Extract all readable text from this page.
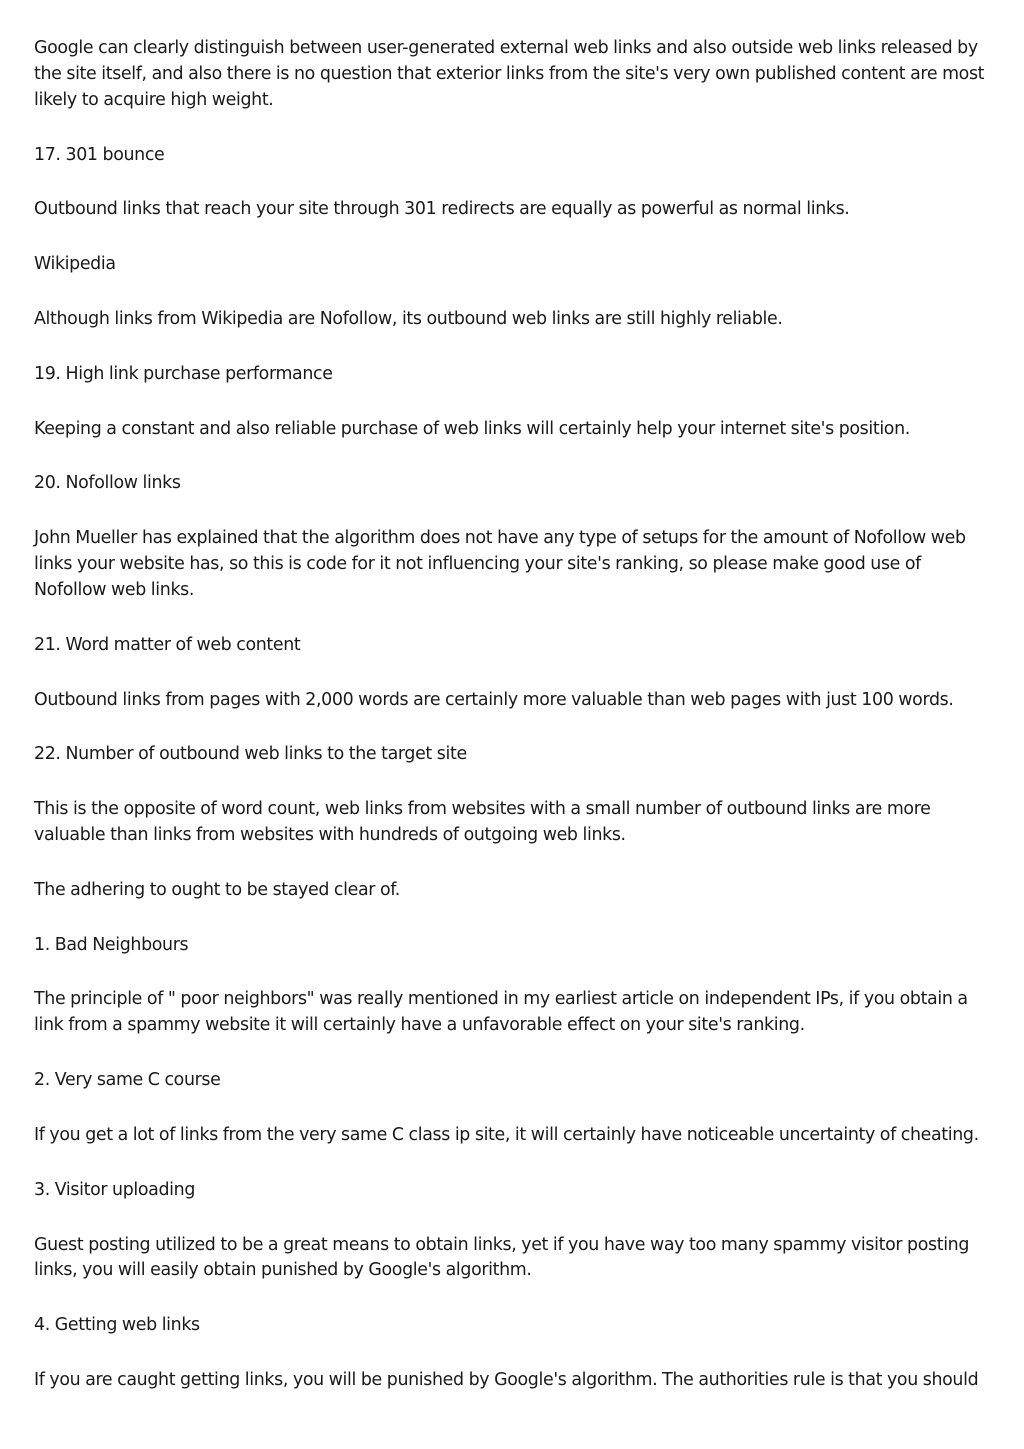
Google can clearly distinguish between user-generated external web links and also outside web links released by the site itself, and also there is no question that exterior links from the site's very own published content are most likely to acquire high weight.

17. 301 bounce

Outbound links that reach your site through 301 redirects are equally as powerful as normal links.

Wikipedia

Although links from Wikipedia are Nofollow, its outbound web links are still highly reliable.

19. High link purchase performance

Keeping a constant and also reliable purchase of web links will certainly help your internet site's position.

20. Nofollow links

John Mueller has explained that the algorithm does not have any type of setups for the amount of Nofollow web links your website has, so this is code for it not influencing your site's ranking, so please make good use of Nofollow web links.

21. Word matter of web content

Outbound links from pages with 2,000 words are certainly more valuable than web pages with just 100 words.

22. Number of outbound web links to the target site

This is the opposite of word count, web links from websites with a small number of outbound links are more valuable than links from websites with hundreds of outgoing web links.

The adhering to ought to be stayed clear of.

1. Bad Neighbours

The principle of " poor neighbors" was really mentioned in my earliest article on independent IPs, if you obtain a link from a spammy website it will certainly have a unfavorable effect on your site's ranking.

2. Very same C course

If you get a lot of links from the very same C class ip site, it will certainly have noticeable uncertainty of cheating.

3. Visitor uploading

Guest posting utilized to be a great means to obtain links, yet if you have way too many spammy visitor posting links, you will easily obtain punished by Google's algorithm.

4. Getting web links

If you are caught getting links, you will be punished by Google's algorithm. The authorities rule is that you should
